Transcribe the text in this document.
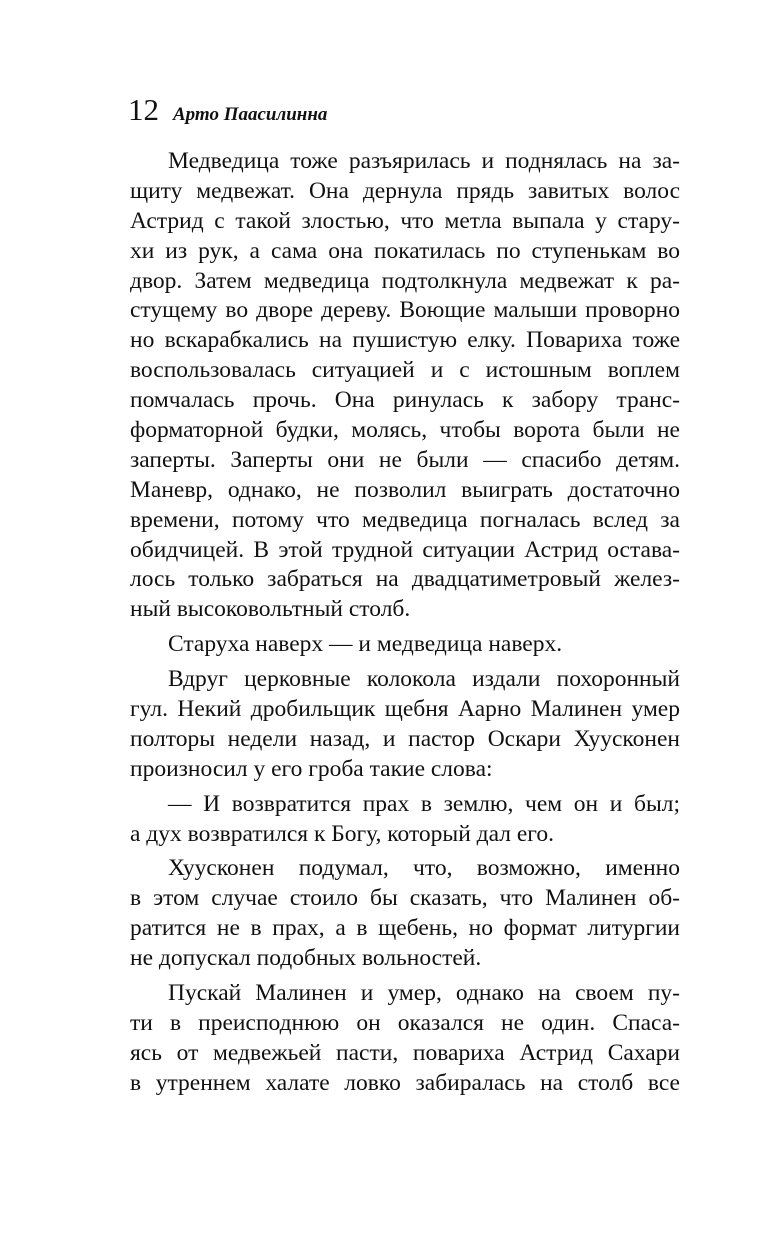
12 Арто Паасилинна
Медведица тоже разъярилась и поднялась на за-
щиту медвежат. Она дернула прядь завитых волос
Астрид с такой злостью, что метла выпала у стару-
хи из рук, а сама она покатилась по ступенькам во
двор. Затем медведица подтолкнула медвежат к ра-
стущему во дворе дереву. Воющие малыши проворно
но вскарабкались на пушистую елку. Повариха тоже
воспользовалась ситуацией и с истошным воплем
помчалась прочь. Она ринулась к забору транс-
форматорной будки, молясь, чтобы ворота были не
заперты. Заперты они не были — спасибо детям.
Маневр, однако, не позволил выиграть достаточно
времени, потому что медведица погналась вслед за
обидчицей. В этой трудной ситуации Астрид остава-
лось только забраться на двадцатиметровый желез-
ный высоковольтный столб.
Старуха наверх — и медведица наверх.
Вдруг церковные колокола издали похоронный
гул. Некий дробильщик щебня Аарно Малинен умер
полторы недели назад, и пастор Оскари Хуусконен
произносил у его гроба такие слова:
— И возвратится прах в землю, чем он и был;
а дух возвратился к Богу, который дал его.
Хуусконен подумал, что, возможно, именно
в этом случае стоило бы сказать, что Малинен об-
ратится не в прах, а в щебень, но формат литургии
не допускал подобных вольностей.
Пускай Малинен и умер, однако на своем пу-
ти в преисподнюю он оказался не один. Спаса-
ясь от медвежьей пасти, повариха Астрид Сахари
в утреннем халате ловко забиралась на столб все
